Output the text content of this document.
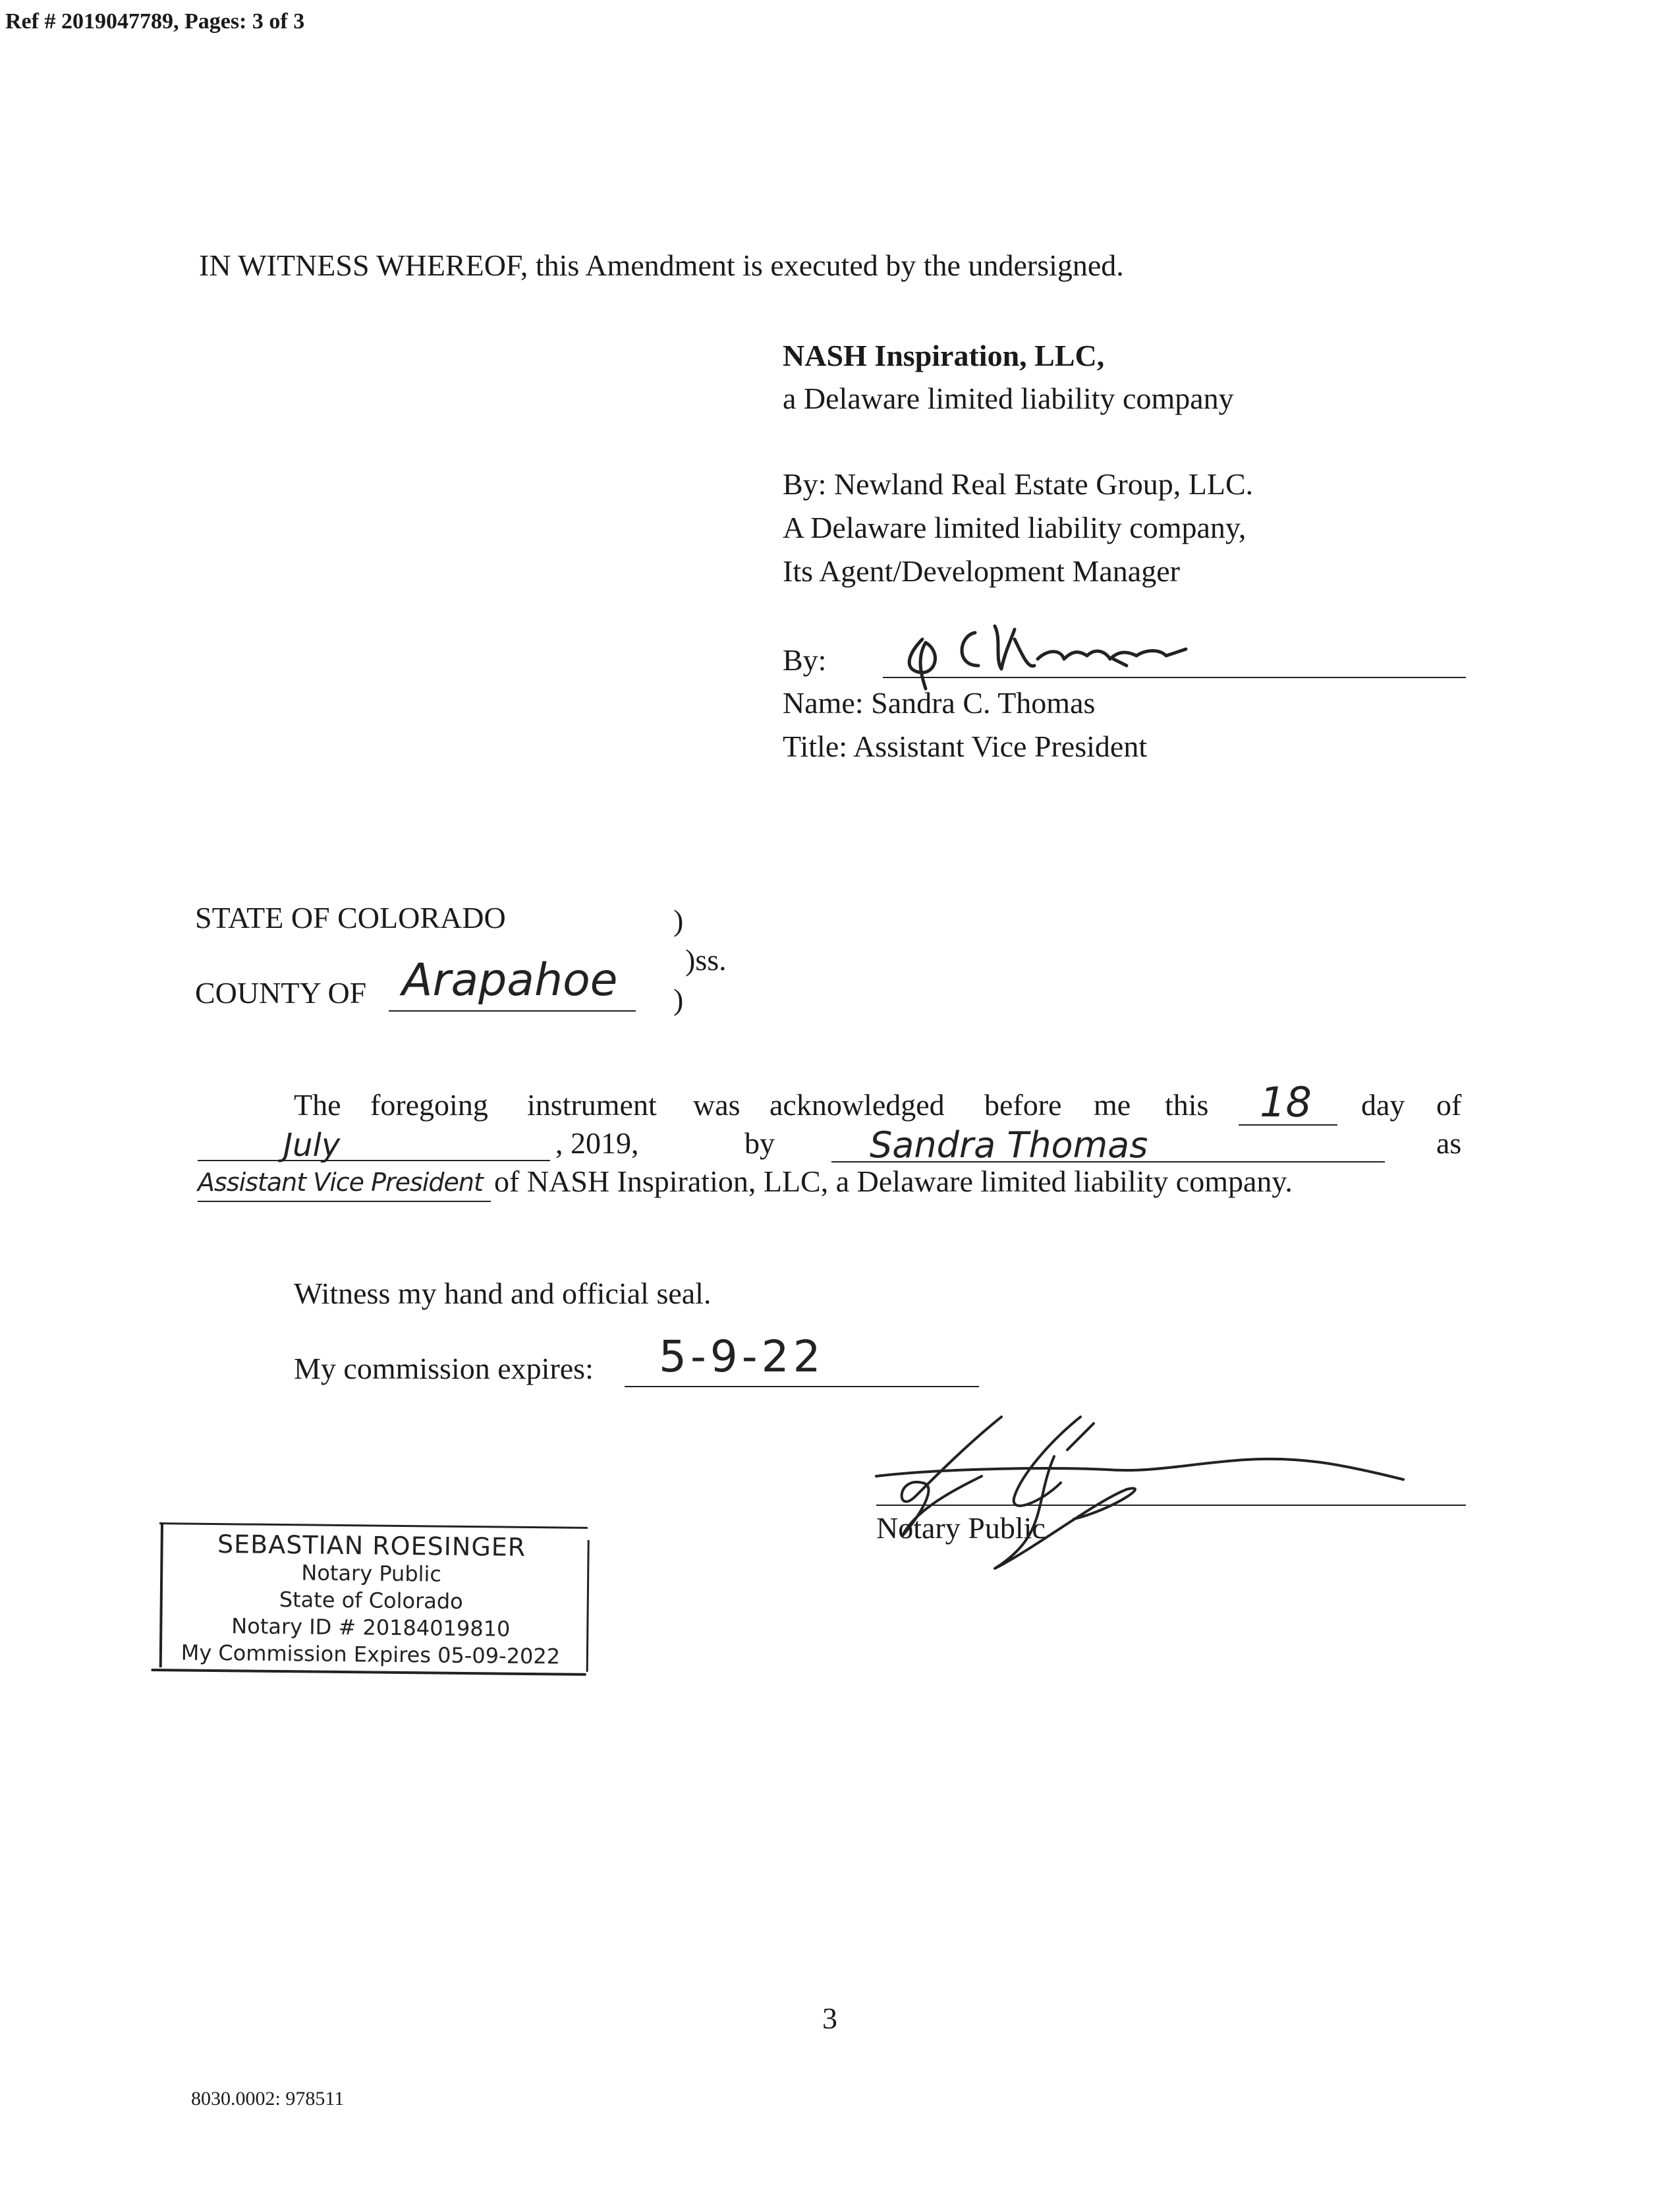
Ref # 2019047789, Pages: 3 of 3
IN WITNESS WHEREOF, this Amendment is executed by the undersigned.
NASH Inspiration, LLC,
a Delaware limited liability company
By: Newland Real Estate Group, LLC.
A Delaware limited liability company,
Its Agent/Development Manager
By:
Name: Sandra C. Thomas
Title: Assistant Vice President
STATE OF COLORADO	)
)ss.
COUNTY OF	)
Arapahoe
The foregoing instrument was acknowledged before me this 18 day of
July	, 2019,	by	Sandra Thomas	as
Assistant Vice President of NASH Inspiration, LLC, a Delaware limited liability company.
Witness my hand and official seal.
My commission expires: 5-9-22
Notary Public
SEBASTIAN ROESINGER
Notary Public
State of Colorado
Notary ID # 20184019810
My Commission Expires 05-09-2022
3
8030.0002: 978511
